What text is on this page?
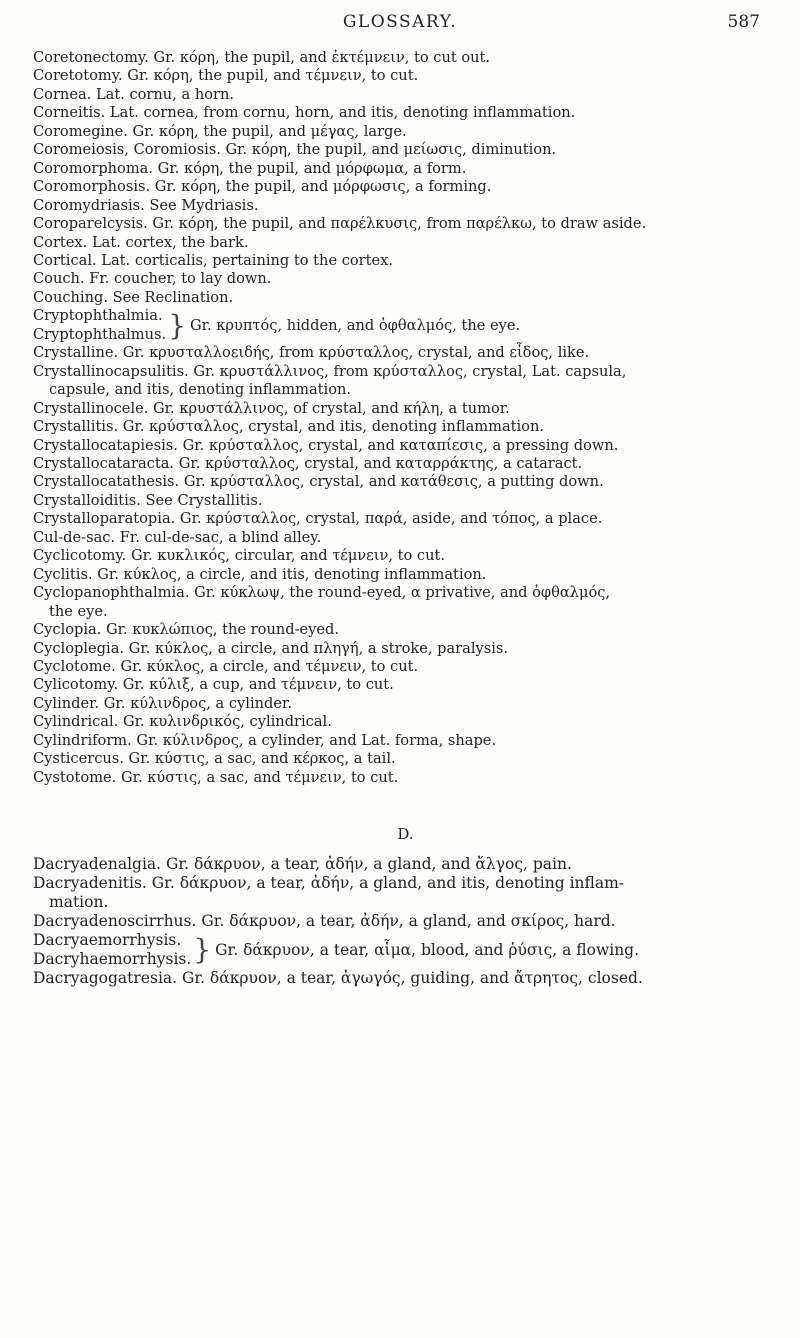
GLOSSARY.	587
Coretonectomy. Gr. κόρη, the pupil, and ἐκτέμνειν, to cut out.
Coretotomy. Gr. κόρη, the pupil, and τέμνειν, to cut.
Cornea. Lat. cornu, a horn.
Corneitis. Lat. cornea, from cornu, horn, and itis, denoting inflammation.
Coromegine. Gr. κόρη, the pupil, and μέγας, large.
Coromeiosis, Coromiosis. Gr. κόρη, the pupil, and μείωσις, diminution.
Coromorphoma. Gr. κόρη, the pupil, and μόρφωμα, a form.
Coromorphosis. Gr. κόρη, the pupil, and μόρφωσις, a forming.
Coromydriasis. See Mydriasis.
Coroparelcysis. Gr. κόρη, the pupil, and παρέλκυσις, from παρέλκω, to draw aside.
Cortex. Lat. cortex, the bark.
Cortical. Lat. corticalis, pertaining to the cortex.
Couch. Fr. coucher, to lay down.
Couching. See Reclination.
Cryptophthalmia.
Cryptophthalmus. } Gr. κρυπτός, hidden, and ὀφθαλμός, the eye.
Crystalline. Gr. κρυσταλλοειδής, from κρύσταλλος, crystal, and εἶδος, like.
Crystallinocapsulitis. Gr. κρυστάλλινος, from κρύσταλλος, crystal, Lat. capsula,
capsule, and itis, denoting inflammation.
Crystallinocele. Gr. κρυστάλλινος, of crystal, and κήλη, a tumor.
Crystallitis. Gr. κρύσταλλος, crystal, and itis, denoting inflammation.
Crystallocatapiesis. Gr. κρύσταλλος, crystal, and καταπίεσις, a pressing down.
Crystallocataracta. Gr. κρύσταλλος, crystal, and καταρράκτης, a cataract.
Crystallocatathesis. Gr. κρύσταλλος, crystal, and κατάθεσις, a putting down.
Crystalloiditis. See Crystallitis.
Crystalloparatopia. Gr. κρύσταλλος, crystal, παρά, aside, and τόπος, a place.
Cul-de-sac. Fr. cul-de-sac, a blind alley.
Cyclicotomy. Gr. κυκλικός, circular, and τέμνειν, to cut.
Cyclitis. Gr. κύκλος, a circle, and itis, denoting inflammation.
Cyclopanophthalmia. Gr. κύκλωψ, the round-eyed, α privative, and ὀφθαλμός,
the eye.
Cyclopia. Gr. κυκλώπιος, the round-eyed.
Cycloplegia. Gr. κύκλος, a circle, and πληγή, a stroke, paralysis.
Cyclotome. Gr. κύκλος, a circle, and τέμνειν, to cut.
Cylicotomy. Gr. κύλιξ, a cup, and τέμνειν, to cut.
Cylinder. Gr. κύλινδρος, a cylinder.
Cylindrical. Gr. κυλινδρικός, cylindrical.
Cylindriform. Gr. κύλινδρος, a cylinder, and Lat. forma, shape.
Cysticercus. Gr. κύστις, a sac, and κέρκος, a tail.
Cystotome. Gr. κύστις, a sac, and τέμνειν, to cut.
D.
Dacryadenalgia. Gr. δάκρυον, a tear, ἀδήν, a gland, and ἄλγος, pain.
Dacryadenitis. Gr. δάκρυον, a tear, ἀδήν, a gland, and itis, denoting inflam-
mation.
Dacryadenoscirrhus. Gr. δάκρυον, a tear, ἀδήν, a gland, and σκίρος, hard.
Dacryaemorrhysis.
Dacryhaemorrhysis. } Gr. δάκρυον, a tear, αἷμα, blood, and ῥύσις, a flowing.
Dacryagogatresia. Gr. δάκρυον, a tear, ἀγωγός, guiding, and ἄτρητος, closed.
